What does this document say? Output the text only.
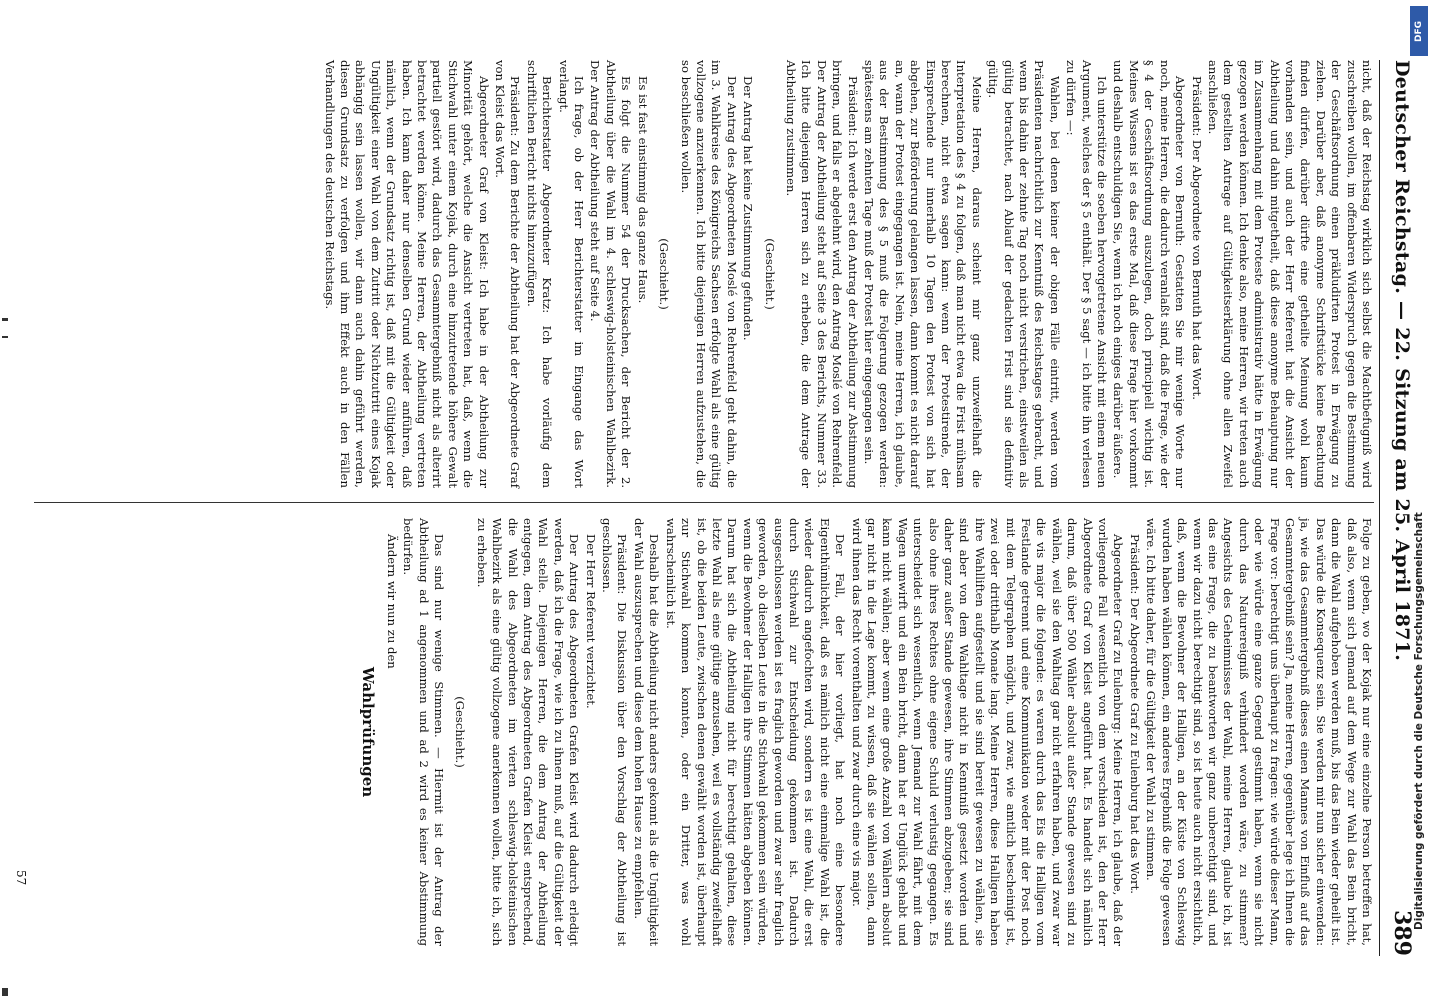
Deutscher Reichstag. — 22. Sitzung am 25. April 1871.
389

nicht, daß der Reichstag wirklich sich selbst die Machtbefugniß wird zuschreiben wollen, im offenbaren Widerspruch gegen die Bestimmung der Geschäftsordnung einen präkludirten Protest in Erwägung zu ziehen. Darüber aber, daß anonyme Schriftstücke keine Beachtung finden dürfen, darüber dürfte eine getheilte Meinung wohl kaum vorhanden sein, und auch der Herr Referent hat die Ansicht der Abtheilung und dahin mitgetheilt, daß diese anonyme Behauptung nur im Zusammenhang mit dem Proteste administrativ hätte in Erwägung gezogen werden können. Ich denke also, meine Herren, wir treten auch dem gestellten Antrage auf Gültigkeitserklärung ohne allen Zweifel anschließen.

Präsident: Der Abgeordnete von Bernuth hat das Wort.

Abgeordneter von Bernuth: Gestatten Sie mir wenige Worte nur noch, meine Herren, die dadurch veranlaßt sind, daß die Frage, wie der § 4 der Geschäftsordnung auszulegen, doch principiell wichtig ist. Meines Wissens ist es das erste Mal, daß diese Frage hier vorkommt und deshalb entschuldigen Sie, wenn ich noch einiges darüber äußere.

Ich unterstütze die soeben hervorgetretene Ansicht mit einem neuen Argument, welches der § 5 enthält. Der § 5 sagt — ich bitte ihn verlesen zu dürfen —:

Wahlen, bei denen keiner der obigen Fälle eintritt, werden vom Präsidenten nachrichtlich zur Kenntniß des Reichstages gebracht, und wenn bis dahin der zehnte Tag noch nicht verstrichen, einstweilen als gültig betrachtet, nach Ablauf der gedachten Frist sind sie definitiv gültig.

Meine Herren, daraus scheint mir ganz unzweifelhaft die Interpretation des § 4 zu folgen, daß man nicht etwa die Frist mühsam berechnen, nicht etwa sagen kann: wenn der Protestirende, der Einsprechende nur innerhalb 10 Tagen den Protest von sich hat abgehen, zur Beförderung gelangen lassen, dann kommt es nicht darauf an, wann der Protest eingegangen ist. Nein, meine Herren, ich glaube, aus der Bestimmung des § 5 muß die Folgerung gezogen werden: spätestens am zehnten Tage muß der Protest hier eingegangen sein.

Präsident: Ich werde erst den Antrag der Abtheilung zur Abstimmung bringen, und falls er abgelehnt wird, den Antrag Moslé von Rehrenfeld. Der Antrag der Abtheilung steht auf Seite 3 des Berichts, Nummer 33. Ich bitte diejenigen Herren sich zu erheben, die dem Antrage der Abtheilung zustimmen.

(Geschieht.)

Der Antrag hat keine Zustimmung gefunden.

Der Antrag des Abgeordneten Moslé von Rehrenfeld geht dahin, die im 3. Wahlkreise des Königreichs Sachsen erfolgte Wahl als eine gültig vollzogene anzuerkennen. Ich bitte diejenigen Herren aufzustehen, die so beschließen wollen.

(Geschieht.)

Es ist fast einstimmig das ganze Haus.

Es folgt die Nummer 54 der Drucksachen, der Bericht der 2. Abtheilung über die Wahl im 4. schleswig-holsteinischen Wahlbezirk. Der Antrag der Abtheilung steht auf Seite 4.

Ich frage, ob der Herr Berichterstatter im Eingange das Wort verlangt.

Berichterstatter Abgeordneter Kratz: Ich habe vorläufig dem schriftlichen Bericht nichts hinzuzufügen.

Präsident: Zu dem Berichte der Abtheilung hat der Abgeordnete Graf von Kleist das Wort.

Abgeordneter Graf von Kleist: Ich habe in der Abtheilung zur Minorität gehört, welche die Ansicht vertreten hat, daß, wenn die Stichwahl unter einem Kojak, durch eine hinzutretende höhere Gewalt partiell gestört wird, dadurch das Gesammtergebniß nicht als alterirt betrachtet werden könne. Meine Herren, der Abtheilung vertreten haben. Ich kann daher nur denselben Grund wieder anführen, daß nämlich, wenn der Grundsatz richtig ist, daß mit die Gültigkeit oder Ungültigkeit einer Wahl von dem Zutritt oder Nichtzutritt eines Kojak abhängig sein lassen wollen, wir dann auch dahin geführt werden, diesen Grundsatz zu verfolgen und ihm Effekt auch in den Fällen Verhandlungen des deutschen Reichstags.

Folge zu geben, wo der Kojak nur eine einzelne Person betreffen hat, daß also, wenn sich Jemand auf dem Wege zur Wahl das Bein bricht, dann die Wahl aufgehoben werden muß, bis das Bein wieder geheilt ist. Das würde die Konsequenz sein. Sie werden mir nun sicher einwenden: ja, wie das Gesammtergebniß dieses einen Mannes von Einfluß auf das Gesammtergebniß sein? Ja, meine Herren, gegenüber lege ich Ihnen die Frage vor: berechtigt uns überhaupt zu fragen: wie würde dieser Mann, oder wie würde eine ganze Gegend gestimmt haben, wenn sie nicht durch das Naturereigniß verhindert worden wäre, zu stimmen? Angesichts des Geheimnisses der Wahl, meine Herren, glaube ich, ist das eine Frage, die zu beantworten wir ganz unberechtigt sind, und wenn wir dazu nicht berechtigt sind, so ist heute auch nicht ersichtlich, daß, wenn die Bewohner der Halligen, an der Küste von Schleswig wurden haben wählen können, ein anderes Ergebniß die Folge gewesen wäre. Ich bitte daher, für die Gültigkeit der Wahl zu stimmen.

Präsident: Der Abgeordnete Graf zu Eulenburg hat das Wort.

Abgeordneter Graf zu Eulenburg: Meine Herren, ich glaube, daß der vorliegende Fall wesentlich von dem verschieden ist, den der Herr Abgeordnete Graf von Kleist angeführt hat. Es handelt sich nämlich darum, daß über 500 Wähler absolut außer Stande gewesen sind zu wählen, weil sie den Wahltag gar nicht erfahren haben, und zwar war die vis major die folgende: es waren durch das Eis die Halligen vom Festlande getrennt und eine Kommunikation weder mit der Post noch mit dem Telegraphen möglich, und zwar, wie amtlich bescheinigt ist, zwei oder dritthalb Monate lang. Meine Herren, diese Halligen haben ihre Wahlliften aufgestellt und sie sind bereit gewesen zu wählen, sie sind aber von dem Wahltage nicht in Kenntniß gesetzt worden und daher ganz außer Stande gewesen, ihre Stimmen abzugeben; sie sind also ohne ihres Rechtes ohne eigene Schuld verlustig gegangen. Es unterscheidet sich wesentlich, wenn Jemand zur Wahl fährt, mit dem Wagen umwirft und ein Bein bricht, dann hat er Unglück gehabt und kann nicht wählen; aber wenn eine große Anzahl von Wählern absolut gar nicht in die Lage kommt, zu wissen, daß sie wählen sollen, dann wird ihnen das Recht vorenthalten und zwar durch eine vis major.

Der Fall, der hier vorliegt, hat noch eine besondere Eigenthümlichkeit, daß es nämlich nicht eine einmalige Wahl ist, die wieder dadurch angefochten wird, sondern es ist eine Wahl, die erst durch Stichwahl zur Entscheidung gekommen ist. Dadurch ausgeschlossen werden ist es fraglich geworden und zwar sehr fraglich geworden, ob dieselben Leute in die Stichwahl gekommen sein würden, wenn die Bewohner der Halligen ihre Stimmen hätten abgeben können. Darum hat sich die Abtheilung nicht für berechtigt gehalten, diese letzte Wahl als eine gültige anzusehen, weil es vollständig zweifelhaft ist, ob die beiden Leute, zwischen denen gewählt worden ist, überhaupt zur Stichwahl kommen konnten, oder ein Dritter, was wohl wahrscheinlich ist.

Deshalb hat die Abtheilung nicht anders gekonnt als die Ungültigkeit der Wahl auszusprechen und diese dem hohen Hause zu empfehlen.

Präsident: Die Diskussion über den Vorschlag der Abtheilung ist geschlossen.

Der Herr Referent verzichtet.

Der Antrag des Abgeordneten Grafen Kleist wird dadurch erledigt werden, daß ich die Frage, wie ich zu ihnen muß, auf die Gültigkeit der Wahl stelle. Diejenigen Herren, die dem Antrag der Abtheilung entgegen, dem Antrag des Abgeordneten Grafen Kleist entsprechend, die Wahl des Abgeordneten im vierten schleswig-holsteinischen Wahlbezirk als eine gültig vollzogene anerkennen wollen, bitte ich, sich zu erheben.

(Geschieht.)

Das sind nur wenige Stimmen. — Hiermit ist der Antrag der Abtheilung ad 1 angenommen und ad 2 wird es keiner Abstimmung bedürfen.

Ändern wir nun zu den

Wahlprüfungen

57
DFG
Digitalisierung gefördert durch die Deutsche Forschungsgemeinschaft
